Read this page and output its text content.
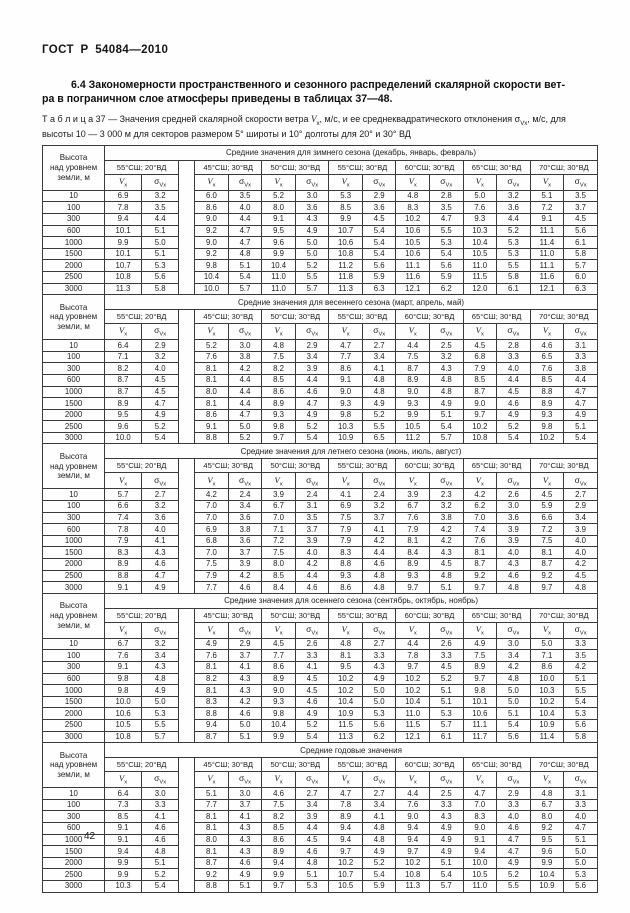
ГОСТ Р 54084—2010
6.4 Закономерности пространственного и сезонного распределений скалярной скорости вет-
ра в пограничном слое атмосферы приведены в таблицах 37—48.
Т а б л и ц а 37 — Значения средней скалярной скорости ветра $V_x$, м/с, и ее среднеквадратического отклонения $\sigma_{Vx}$, м/с, для высоты 10 — 3 000 м для секторов размером 5° широты и 10° долготы для 20° и 30° ВД
Высота
над уровнем
земли, м	Средние значения для зимнего сезона (декабрь, январь, февраль)														
	55°СШ; 20°ВД			45°СШ; 30°ВД		50°СШ; 30°ВД		55°СШ; 30°ВД		60°СШ; 30°ВД		65°СШ; 30°ВД		70°СШ; 30°ВД	
	$V_x$	$\sigma_{Vx}$		$V_x$	$\sigma_{Vx}$	$V_x$	$\sigma_{Vx}$	$V_x$	$\sigma_{Vx}$	$V_x$	$\sigma_{Vx}$	$V_x$	$\sigma_{Vx}$	$V_x$	$\sigma_{Vx}$
10	6.9	3.2		6.0	3.5	5.2	3.0	5.3	2.9	4.8	2.8	5.0	3.2	5.1	3.5
100	7.8	3.5		8.6	4.0	8.0	3.6	8.5	3.6	8.3	3.5	7.6	3.6	7.2	3.7
300	9.4	4.4		9.0	4.4	9.1	4.3	9.9	4.5	10.2	4.7	9.3	4.4	9.1	4.5
600	10.1	5.1		9.2	4.7	9.5	4.9	10.7	5.4	10.6	5.5	10.3	5.2	11.1	5.6
1000	9.9	5.0		9.0	4.7	9.6	5.0	10.6	5.4	10.5	5.3	10.4	5.3	11.4	6.1
1500	10.1	5.1		9.2	4.8	9.9	5.0	10.8	5.4	10.6	5.4	10.5	5.3	11.0	5.8
2000	10.7	5.3		9.8	5.1	10.4	5.2	11.2	5.6	11.1	5.6	11.0	5.5	11.1	5.7
2500	10.8	5.6		10.4	5.4	11.0	5.5	11.8	5.9	11.6	5.9	11.5	5.8	11.6	6.0
3000	11.3	5.8		10.0	5.7	11.0	5.7	11.3	6.3	12.1	6.2	12.0	6.1	12.1	6.3

Высота
над уровнем
земли, м	Средние значения для весеннего сезона (март, апрель, май)														
	55°СШ; 20°ВД			45°СШ; 30°ВД		50°СШ; 30°ВД		55°СШ; 30°ВД		60°СШ; 30°ВД		65°СШ; 30°ВД		70°СШ; 30°ВД	
	$V_x$	$\sigma_{Vx}$		$V_x$	$\sigma_{Vx}$	$V_x$	$\sigma_{Vx}$	$V_x$	$\sigma_{Vx}$	$V_x$	$\sigma_{Vx}$	$V_x$	$\sigma_{Vx}$	$V_x$	$\sigma_{Vx}$
10	6.4	2.9		5.2	3.0	4.8	2.9	4.7	2.7	4.4	2.5	4.5	2.8	4.6	3.1
100	7.1	3.2		7.6	3.8	7.5	3.4	7.7	3.4	7.5	3.2	6.8	3.3	6.5	3.3
300	8.2	4.0		8.1	4.2	8.2	3.9	8.6	4.1	8.7	4.3	7.9	4.0	7.6	3.8
600	8.7	4.5		8.1	4.4	8.5	4.4	9.1	4.8	8.9	4.8	8.5	4.4	8.5	4.4
1000	8.7	4.5		8.0	4.4	8.6	4.6	9.0	4.8	9.0	4.8	8.7	4.5	8.8	4.7
1500	8.9	4.7		8.1	4.4	8.9	4.7	9.3	4.9	9.3	4.9	9.0	4.6	8.9	4.7
2000	9.5	4.9		8.6	4.7	9.3	4.9	9.8	5.2	9.9	5.1	9.7	4.9	9.3	4.9
2500	9.6	5.2		9.1	5.0	9.8	5.2	10.3	5.5	10.5	5.4	10.2	5.2	9.8	5.1
3000	10.0	5.4		8.8	5.2	9.7	5.4	10.9	6.5	11.2	5.7	10.8	5.4	10.2	5.4

Высота
над уровнем
земли, м	Средние значения для летнего сезона (июнь, июль, август)														
	55°СШ; 20°ВД			45°СШ; 30°ВД		50°СШ; 30°ВД		55°СШ; 30°ВД		60°СШ; 30°ВД		65°СШ; 30°ВД		70°СШ; 30°ВД	
	$V_x$	$\sigma_{Vx}$		$V_x$	$\sigma_{Vx}$	$V_x$	$\sigma_{Vx}$	$V_x$	$\sigma_{Vx}$	$V_x$	$\sigma_{Vx}$	$V_x$	$\sigma_{Vx}$	$V_x$	$\sigma_{Vx}$
10	5.7	2.7		4.2	2.4	3.9	2.4	4.1	2.4	3.9	2.3	4.2	2.6	4.5	2.7
100	6.6	3.2		7.0	3.4	6.7	3.1	6.9	3.2	6.7	3.2	6.2	3.0	5.9	2.9
300	7.4	3.6		7.0	3.6	7.0	3.5	7.5	3.7	7.6	3.8	7.0	3.6	6.6	3.4
600	7.8	4.0		6.9	3.8	7.1	3.7	7.9	4.1	7.9	4.2	7.4	3.9	7.2	3.9
1000	7.9	4.1		6.8	3.6	7.2	3.9	7.9	4.2	8.1	4.2	7.6	3.9	7.5	4.0
1500	8.3	4.3		7.0	3.7	7.5	4.0	8.3	4.4	8.4	4.3	8.1	4.0	8.1	4.0
2000	8.9	4.6		7.5	3.9	8.0	4.2	8.8	4.6	8.9	4.5	8.7	4.3	8.7	4.2
2500	8.8	4.7		7.9	4.2	8.5	4.4	9.3	4.8	9.3	4.8	9.2	4.6	9.2	4.5
3000	9.1	4.9		7.7	4.6	8.4	4.6	8.6	4.8	9.7	5.1	9.7	4.8	9.7	4.8

Высота
над уровнем
земли, м	Средние значения для осеннего сезона (сентябрь, октябрь, ноябрь)														
	55°СШ; 20°ВД			45°СШ; 30°ВД		50°СШ; 30°ВД		55°СШ; 30°ВД		60°СШ; 30°ВД		65°СШ; 30°ВД		70°СШ; 30°ВД	
	$V_x$	$\sigma_{Vx}$		$V_x$	$\sigma_{Vx}$	$V_x$	$\sigma_{Vx}$	$V_x$	$\sigma_{Vx}$	$V_x$	$\sigma_{Vx}$	$V_x$	$\sigma_{Vx}$	$V_x$	$\sigma_{Vx}$
10	6.7	3.2		4.9	2.9	4.5	2.6	4.8	2.7	4.4	2.6	4.9	3.0	5.0	3.3
100	7.6	3.4		7.6	3.7	7.7	3.3	8.1	3.3	7.8	3.3	7.5	3.4	7.1	3.5
300	9.1	4.3		8.1	4.1	8.6	4.1	9.5	4.3	9.7	4.5	8.9	4.2	8.6	4.2
600	9.8	4.8		8.2	4.3	8.9	4.5	10.2	4.9	10.2	5.2	9.7	4.8	10.0	5.1
1000	9.8	4.9		8.1	4.3	9.0	4.5	10.2	5.0	10.2	5.1	9.8	5.0	10.3	5.5
1500	10.0	5.0		8.3	4.2	9.3	4.6	10.4	5.0	10.4	5.1	10.1	5.0	10.2	5.4
2000	10.6	5.3		8.8	4.6	9.8	4.9	10.9	5.3	11.0	5.3	10.6	5.1	10.4	5.3
2500	10.5	5.5		9.4	5.0	10.4	5.2	11.5	5.6	11.5	5.7	11.1	5.4	10.9	5.6
3000	10.8	5.7		8.7	5.1	9.9	5.4	11.3	6.2	12.1	6.1	11.7	5.6	11.4	5.8

Высота
над уровнем
земли, м	Средние годовые значения														
	55°СШ; 20°ВД			45°СШ; 30°ВД		50°СШ; 30°ВД		55°СШ; 30°ВД		60°СШ; 30°ВД		65°СШ; 30°ВД		70°СШ; 30°ВД	
	$V_x$	$\sigma_{Vx}$		$V_x$	$\sigma_{Vx}$	$V_x$	$\sigma_{Vx}$	$V_x$	$\sigma_{Vx}$	$V_x$	$\sigma_{Vx}$	$V_x$	$\sigma_{Vx}$	$V_x$	$\sigma_{Vx}$
10	6.4	3.0		5.1	3.0	4.6	2.7	4.7	2.7	4.4	2.5	4.7	2.9	4.8	3.1
100	7.3	3.3		7.7	3.7	7.5	3.4	7.8	3.4	7.6	3.3	7.0	3.3	6.7	3.3
300	8.5	4.1		8.1	4.1	8.2	3.9	8.9	4.1	9.0	4.3	8.3	4.0	8.0	4.0
600	9.1	4.6		8.1	4.3	8.5	4.4	9.4	4.8	9.4	4.9	9.0	4.6	9.2	4.7
1000	9.1	4.6		8.0	4.3	8.6	4.5	9.4	4.8	9.4	4.9	9.1	4.7	9.5	5.1
1500	9.4	4.8		8.1	4.3	8.9	4.6	9.7	4.9	9.7	4.9	9.4	4.7	9.6	5.0
2000	9.9	5.1		8.7	4.6	9.4	4.8	10.2	5.2	10.2	5.1	10.0	4.9	9.9	5.0
2500	9.9	5.2		9.2	4.9	9.9	5.1	10.7	5.4	10.8	5.4	10.5	5.2	10.4	5.3
3000	10.3	5.4		8.8	5.1	9.7	5.3	10.5	5.9	11.3	5.7	11.0	5.5	10.9	5.6
42
